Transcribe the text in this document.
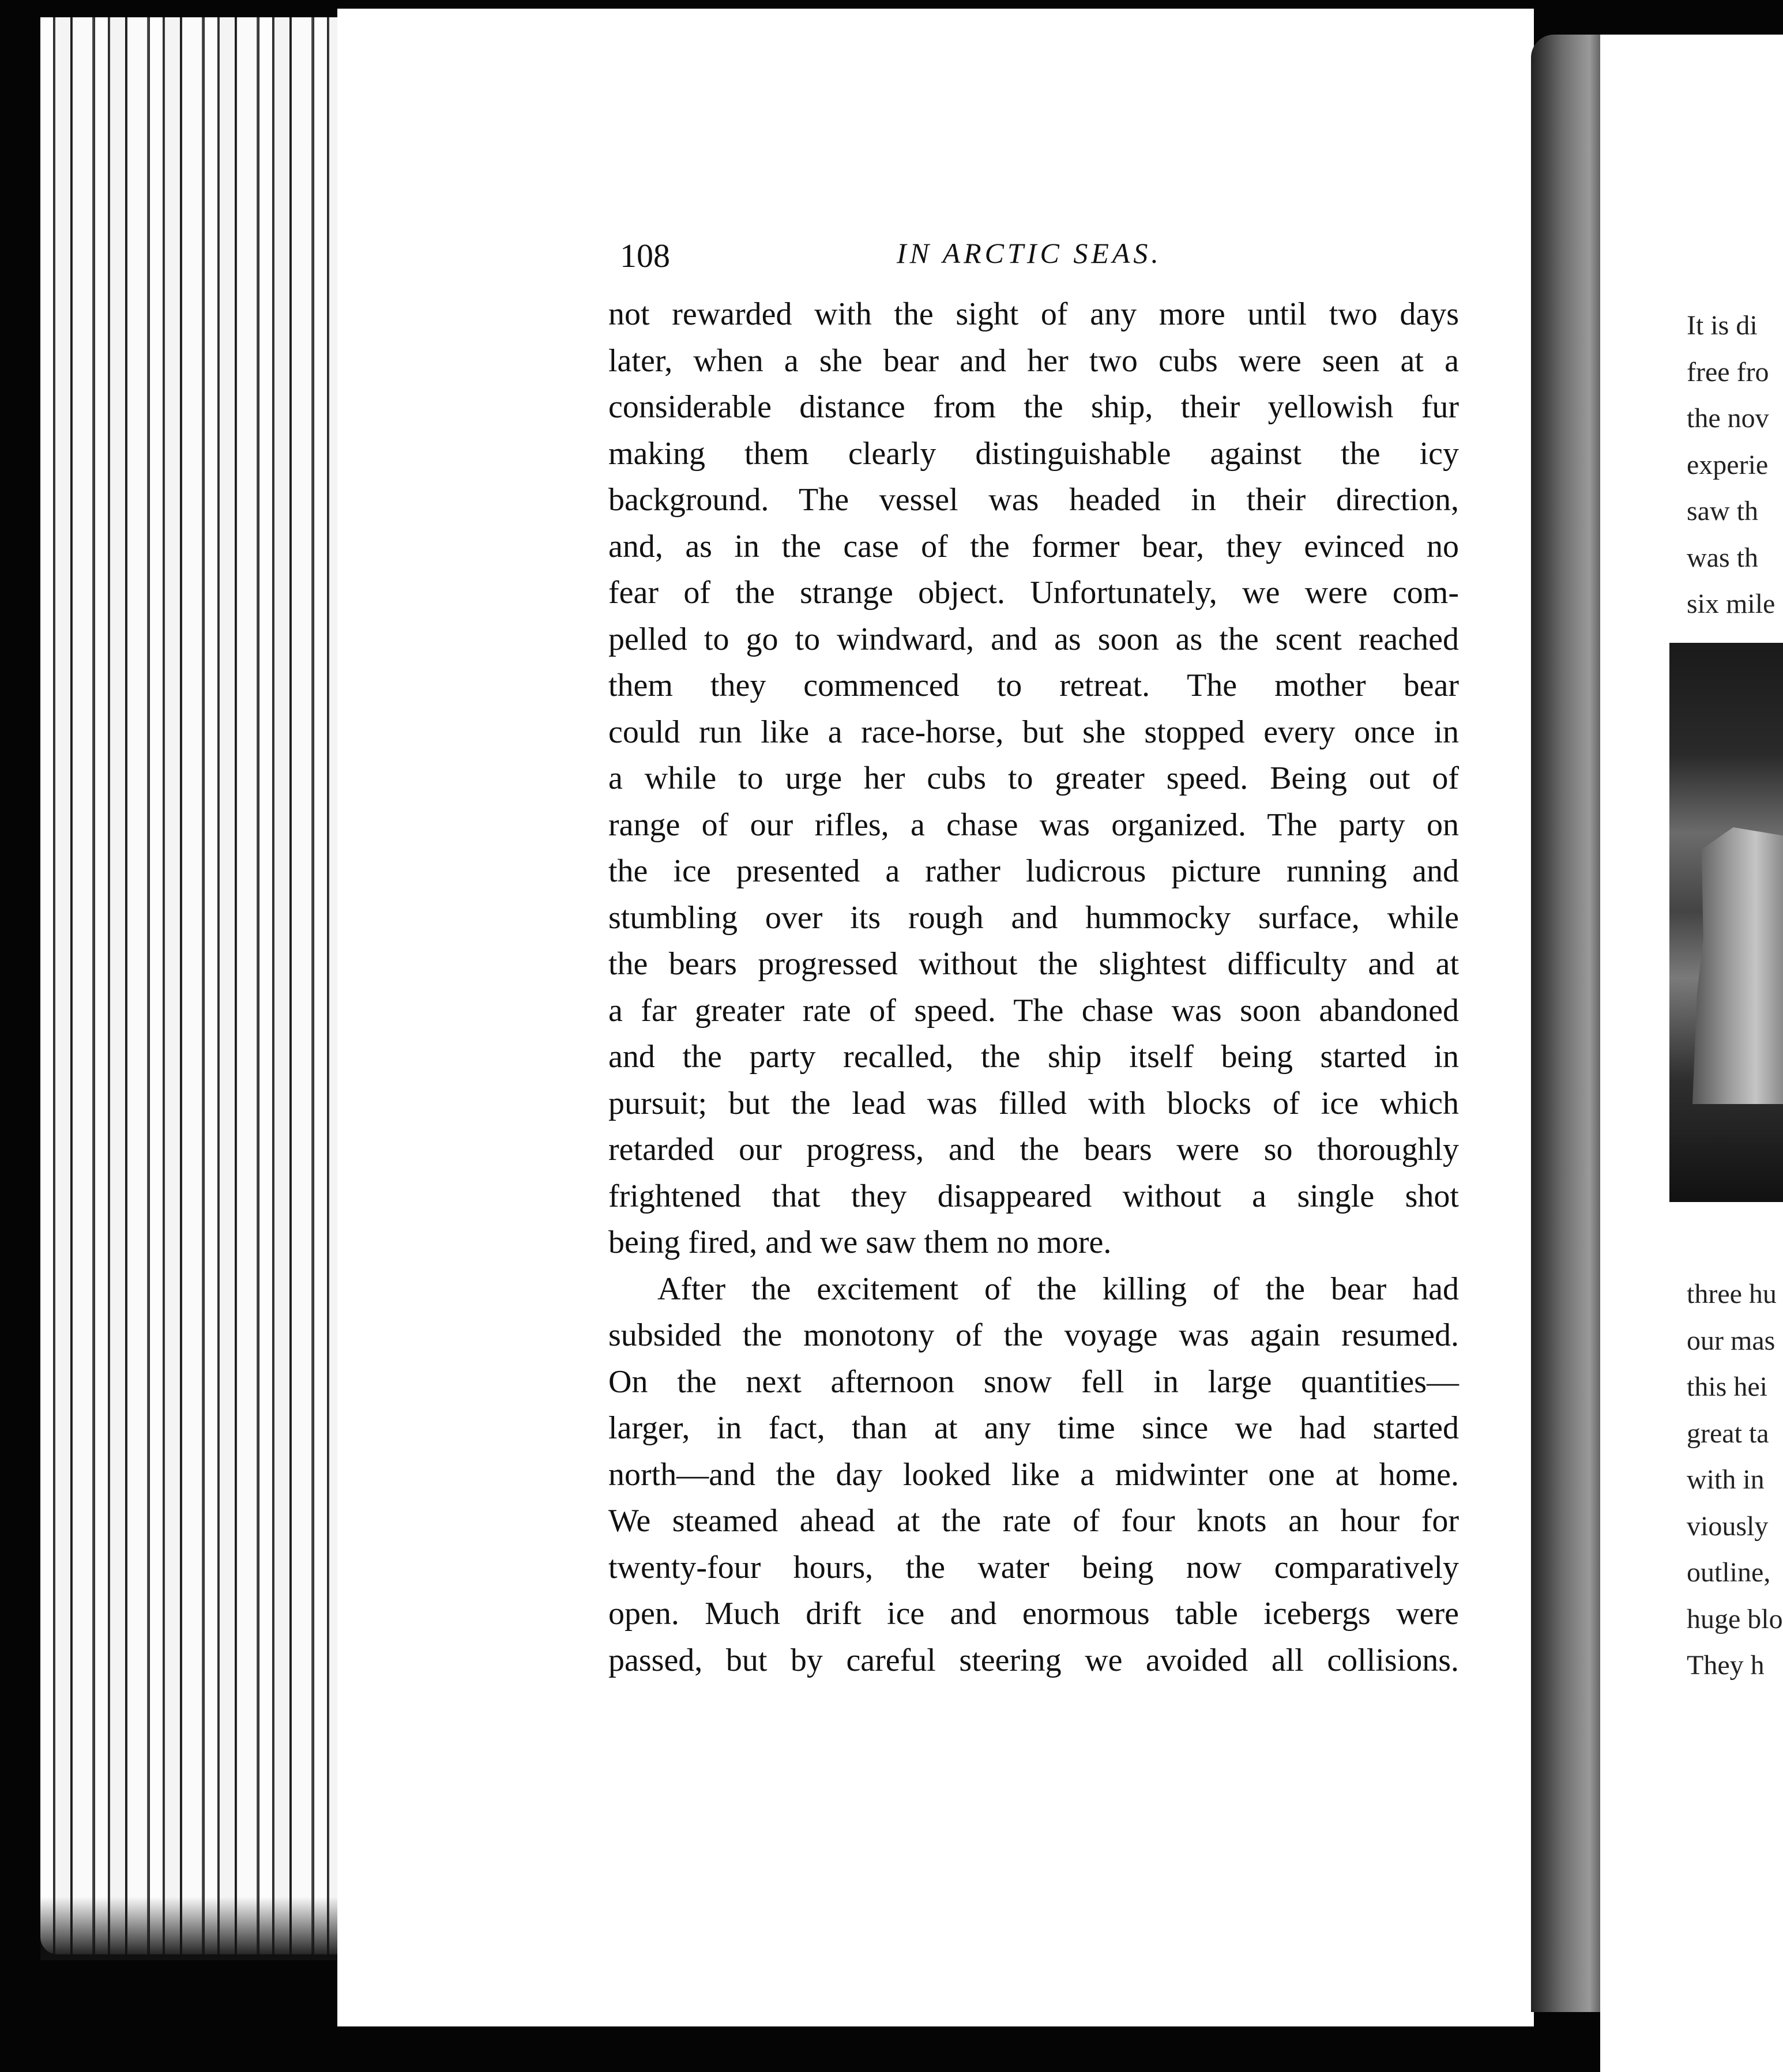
108	IN ARCTIC SEAS.
not rewarded with the sight of any more until two days
later, when a she bear and her two cubs were seen at a
considerable distance from the ship, their yellowish fur
making them clearly distinguishable against the icy
background. The vessel was headed in their direction,
and, as in the case of the former bear, they evinced no
fear of the strange object. Unfortunately, we were com-
pelled to go to windward, and as soon as the scent reached
them they commenced to retreat. The mother bear
could run like a race-horse, but she stopped every once in
a while to urge her cubs to greater speed. Being out of
range of our rifles, a chase was organized. The party on
the ice presented a rather ludicrous picture running and
stumbling over its rough and hummocky surface, while
the bears progressed without the slightest difficulty and at
a far greater rate of speed. The chase was soon abandoned
and the party recalled, the ship itself being started in
pursuit; but the lead was filled with blocks of ice which
retarded our progress, and the bears were so thoroughly
frightened that they disappeared without a single shot
being fired, and we saw them no more.
After the excitement of the killing of the bear had
subsided the monotony of the voyage was again resumed.
On the next afternoon snow fell in large quantities—
larger, in fact, than at any time since we had started
north—and the day looked like a midwinter one at home.
We steamed ahead at the rate of four knots an hour for
twenty-four hours, the water being now comparatively
open. Much drift ice and enormous table icebergs were
passed, but by careful steering we avoided all collisions.
It is di
free fro
the nov
experie
saw th
was th
six mile
three hu
our mas
this hei
great ta
with in
viously
outline,
huge blo
They h
